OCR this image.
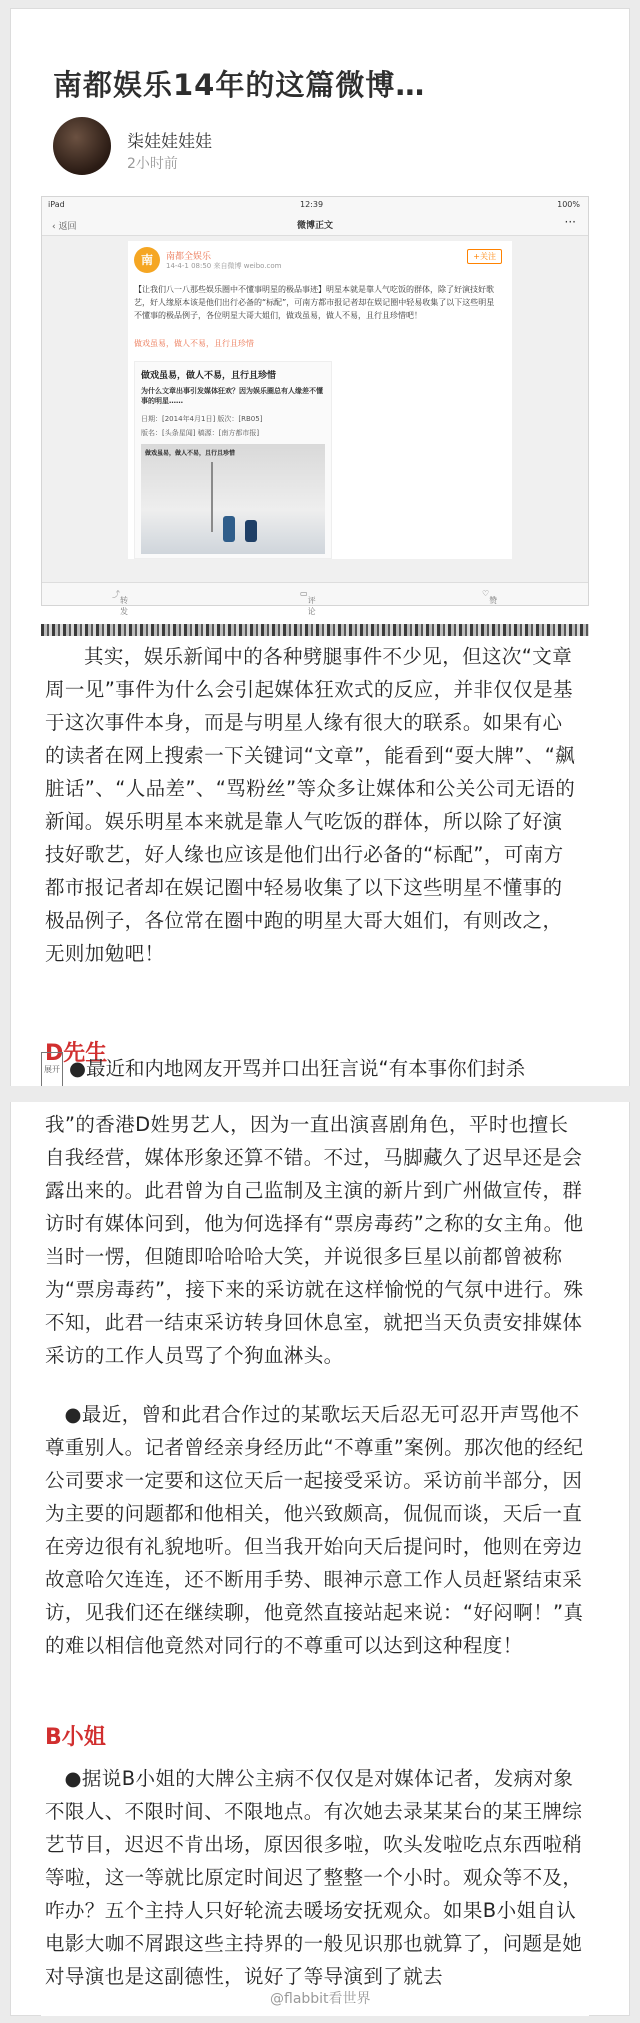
南都娱乐14年的这篇微博…
柒娃娃娃娃
2小时前
iPad	12:39	100%
‹ 返回	微博正文	···
南	南都全娱乐
14-4-1 08:50 来自微博 weibo.com
+关注
【让我们八一八那些娱乐圈中不懂事明星的极品事迹】明星本就是靠人气吃饭的群体，除了好演技好歌艺，好人缘原本该是他们出行必备的“标配”，可南方都市报记者却在娱记圈中轻易收集了以下这些明星不懂事的极品例子，各位明星大哥大姐们，做戏虽易，做人不易，且行且珍惜吧！
做戏虽易，做人不易，且行且珍惜
做戏虽易，做人不易，且行且珍惜
为什么文章出事引发媒体狂欢？因为娱乐圈总有人缘差不懂事的明星……
日期：[2014年4月1日] 版次：[RB05]
版名：[头条星闻] 稿源：[南方都市报]
做戏虽易，做人不易，且行且珍惜
⤴
转发
▭
评论
♡
赞

其实，娱乐新闻中的各种劈腿事件不少见，但这次“文章周一见”事件为什么会引起媒体狂欢式的反应，并非仅仅是基于这次事件本身，而是与明星人缘有很大的联系。如果有心的读者在网上搜索一下关键词“文章”，能看到“耍大牌”、“飙脏话”、“人品差”、“骂粉丝”等众多让媒体和公关公司无语的新闻。娱乐明星本来就是靠人气吃饭的群体，所以除了好演技好歌艺，好人缘也应该是他们出行必备的“标配”，可南方都市报记者却在娱记圈中轻易收集了以下这些明星不懂事的极品例子，各位常在圈中跑的明星大哥大姐们，有则改之，无则加勉吧！

D先生
展开 ●最近和内地网友开骂并口出狂言说“有本事你们封杀

我”的香港D姓男艺人，因为一直出演喜剧角色，平时也擅长自我经营，媒体形象还算不错。不过，马脚藏久了迟早还是会露出来的。此君曾为自己监制及主演的新片到广州做宣传，群访时有媒体问到，他为何选择有“票房毒药”之称的女主角。他当时一愣，但随即哈哈哈大笑，并说很多巨星以前都曾被称为“票房毒药”，接下来的采访就在这样愉悦的气氛中进行。殊不知，此君一结束采访转身回休息室，就把当天负责安排媒体采访的工作人员骂了个狗血淋头。

●最近，曾和此君合作过的某歌坛天后忍无可忍开声骂他不尊重别人。记者曾经亲身经历此“不尊重”案例。那次他的经纪公司要求一定要和这位天后一起接受采访。采访前半部分，因为主要的问题都和他相关，他兴致颇高，侃侃而谈，天后一直在旁边很有礼貌地听。但当我开始向天后提问时，他则在旁边故意哈欠连连，还不断用手势、眼神示意工作人员赶紧结束采访，见我们还在继续聊，他竟然直接站起来说：“好闷啊！”真的难以相信他竟然对同行的不尊重可以达到这种程度！

B小姐

●据说B小姐的大牌公主病不仅仅是对媒体记者，发病对象不限人、不限时间、不限地点。有次她去录某某台的某王牌综艺节目，迟迟不肯出场，原因很多啦，吹头发啦吃点东西啦稍等啦，这一等就比原定时间迟了整整一个小时。观众等不及，咋办？五个主持人只好轮流去暖场安抚观众。如果B小姐自认电影大咖不屑跟这些主持界的一般见识那也就算了，问题是她对导演也是这副德性，说好了等导演到了就去

@flabbit看世界
